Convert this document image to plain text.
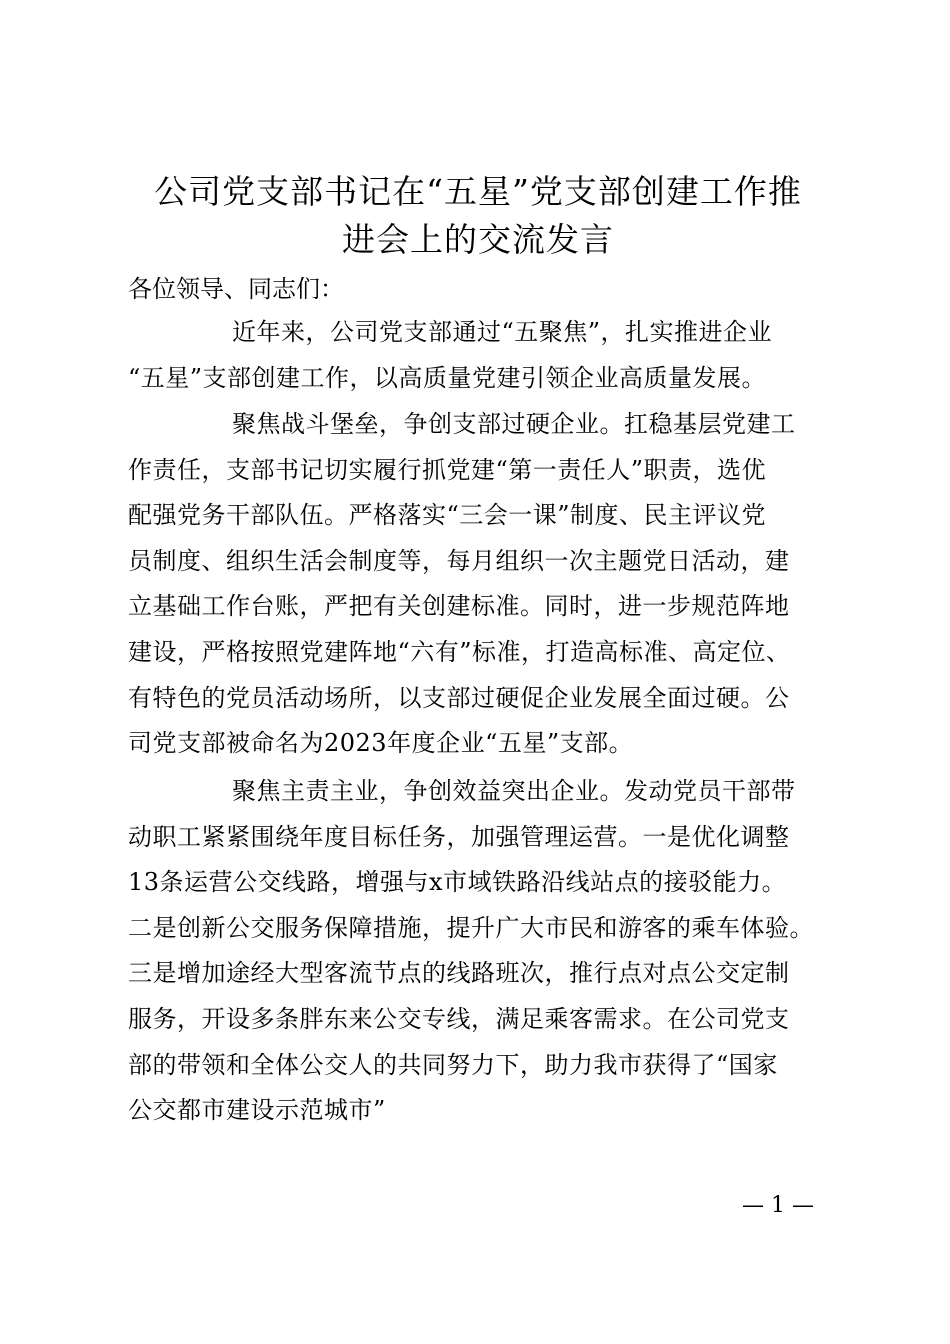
公司党支部书记在“五星”党支部创建工作推
进会上的交流发言

各位领导、同志们：

近年来，公司党支部通过“五聚焦”，扎实推进企业
“五星”支部创建工作，以高质量党建引领企业高质量发展。
聚焦战斗堡垒，争创支部过硬企业。扛稳基层党建工
作责任，支部书记切实履行抓党建“第一责任人”职责，选优
配强党务干部队伍。严格落实“三会一课”制度、民主评议党
员制度、组织生活会制度等，每月组织一次主题党日活动，建
立基础工作台账，严把有关创建标准。同时，进一步规范阵地
建设，严格按照党建阵地“六有”标准，打造高标准、高定位、
有特色的党员活动场所，以支部过硬促企业发展全面过硬。公
司党支部被命名为2023年度企业“五星”支部。
聚焦主责主业，争创效益突出企业。发动党员干部带
动职工紧紧围绕年度目标任务，加强管理运营。一是优化调整
13条运营公交线路，增强与x市域铁路沿线站点的接驳能力。
二是创新公交服务保障措施，提升广大市民和游客的乘车体验。
三是增加途经大型客流节点的线路班次，推行点对点公交定制
服务，开设多条胖东来公交专线，满足乘客需求。在公司党支
部的带领和全体公交人的共同努力下，助力我市获得了“国家
公交都市建设示范城市”
— 1 —
